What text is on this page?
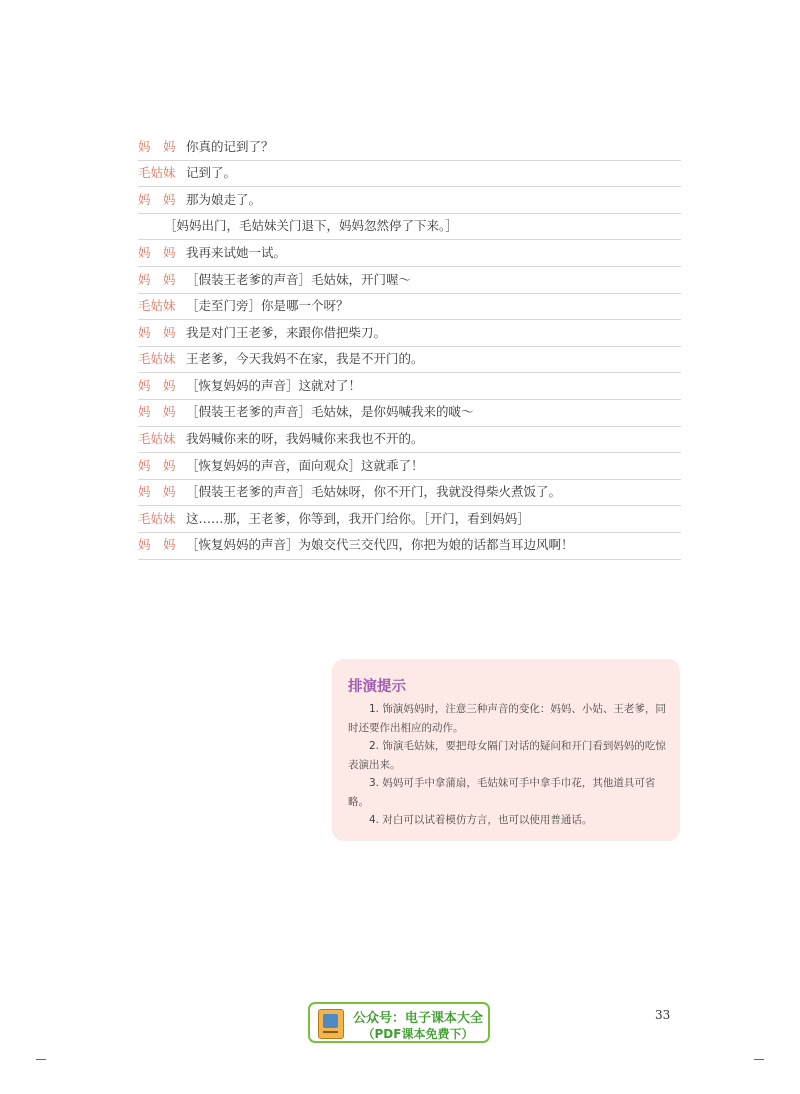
妈　妈 你真的记到了？
毛姑妹 记到了。
妈　妈 那为娘走了。
［妈妈出门，毛姑妹关门退下，妈妈忽然停了下来。］
妈　妈 我再来试她一试。
妈　妈 ［假装王老爹的声音］毛姑妹，开门喔～
毛姑妹 ［走至门旁］你是哪一个呀？
妈　妈 我是对门王老爹，来跟你借把柴刀。
毛姑妹 王老爹，今天我妈不在家，我是不开门的。
妈　妈 ［恢复妈妈的声音］这就对了！
妈　妈 ［假装王老爹的声音］毛姑妹，是你妈喊我来的啵～
毛姑妹 我妈喊你来的呀，我妈喊你来我也不开的。
妈　妈 ［恢复妈妈的声音，面向观众］这就乖了！
妈　妈 ［假装王老爹的声音］毛姑妹呀，你不开门，我就没得柴火煮饭了。
毛姑妹 这……那，王老爹，你等到，我开门给你。［开门，看到妈妈］
妈　妈 ［恢复妈妈的声音］为娘交代三交代四，你把为娘的话都当耳边风啊！
排演提示

1. 饰演妈妈时，注意三种声音的变化：妈妈、小姑、王老爹，同时还要作出相应的动作。

2. 饰演毛姑妹，要把母女隔门对话的疑问和开门看到妈妈的吃惊表演出来。

3. 妈妈可手中拿蒲扇，毛姑妹可手中拿手巾花，其他道具可省略。

4. 对白可以试着模仿方言，也可以使用普通话。

公众号：电子课本大全
（PDF课本免费下）
33
